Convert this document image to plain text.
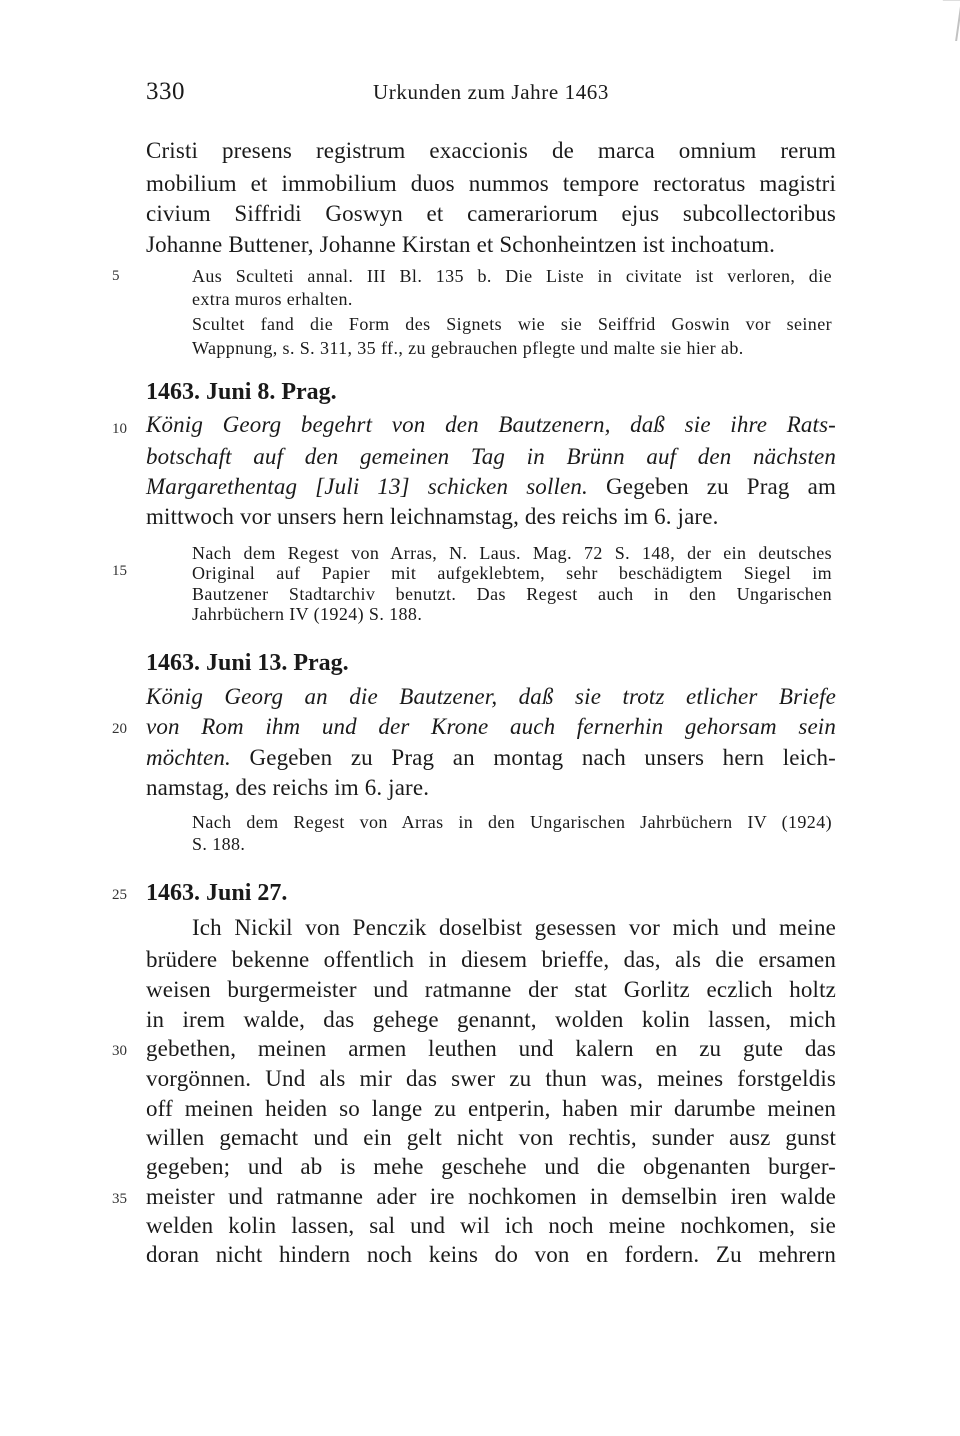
330	Urkunden zum Jahre 1463
Cristi presens registrum exaccionis de marca omnium rerum
mobilium et immobilium duos nummos tempore rectoratus magistri
civium Siffridi Goswyn et camerariorum ejus subcollectoribus
Johanne Buttener, Johanne Kirstan et Schonheintzen ist inchoatum.
5	Aus Sculteti annal. III Bl. 135 b. Die Liste in civitate ist verloren, die
extra muros erhalten.
Scultet fand die Form des Signets wie sie Seiffrid Goswin vor seiner
Wappnung, s. S. 311, 35 ff., zu gebrauchen pflegte und malte sie hier ab.
1463. Juni 8. Prag.
10 König Georg begehrt von den Bautzenern, daß sie ihre Rats-
botschaft auf den gemeinen Tag in Brünn auf den nächsten
Margarethentag [Juli 13] schicken sollen. Gegeben zu Prag am
mittwoch vor unsers hern leichnamstag, des reichs im 6. jare.
Nach dem Regest von Arras, N. Laus. Mag. 72 S. 148, der ein deutsches
15	Original auf Papier mit aufgeklebtem, sehr beschädigtem Siegel im
Bautzener Stadtarchiv benutzt. Das Regest auch in den Ungarischen
Jahrbüchern IV (1924) S. 188.
1463. Juni 13. Prag.
König Georg an die Bautzener, daß sie trotz etlicher Briefe
20 von Rom ihm und der Krone auch fernerhin gehorsam sein
möchten. Gegeben zu Prag an montag nach unsers hern leich-
namstag, des reichs im 6. jare.
Nach dem Regest von Arras in den Ungarischen Jahrbüchern IV (1924)
S. 188.
25 1463. Juni 27.
Ich Nickil von Penczik doselbist gesessen vor mich und meine
brüdere bekenne offentlich in diesem brieffe, das, als die ersamen
weisen burgermeister und ratmanne der stat Gorlitz eczlich holtz
in irem walde, das gehege genannt, wolden kolin lassen, mich
30 gebethen, meinen armen leuthen und kalern en zu gute das
vorgönnen. Und als mir das swer zu thun was, meines forstgeldis
off meinen heiden so lange zu entperin, haben mir darumbe meinen
willen gemacht und ein gelt nicht von rechtis, sunder ausz gunst
gegeben; und ab is mehe geschehe und die obgenanten burger-
35 meister und ratmanne ader ire nochkomen in demselbin iren walde
welden kolin lassen, sal und wil ich noch meine nochkomen, sie
doran nicht hindern noch keins do von en fordern. Zu mehrern
